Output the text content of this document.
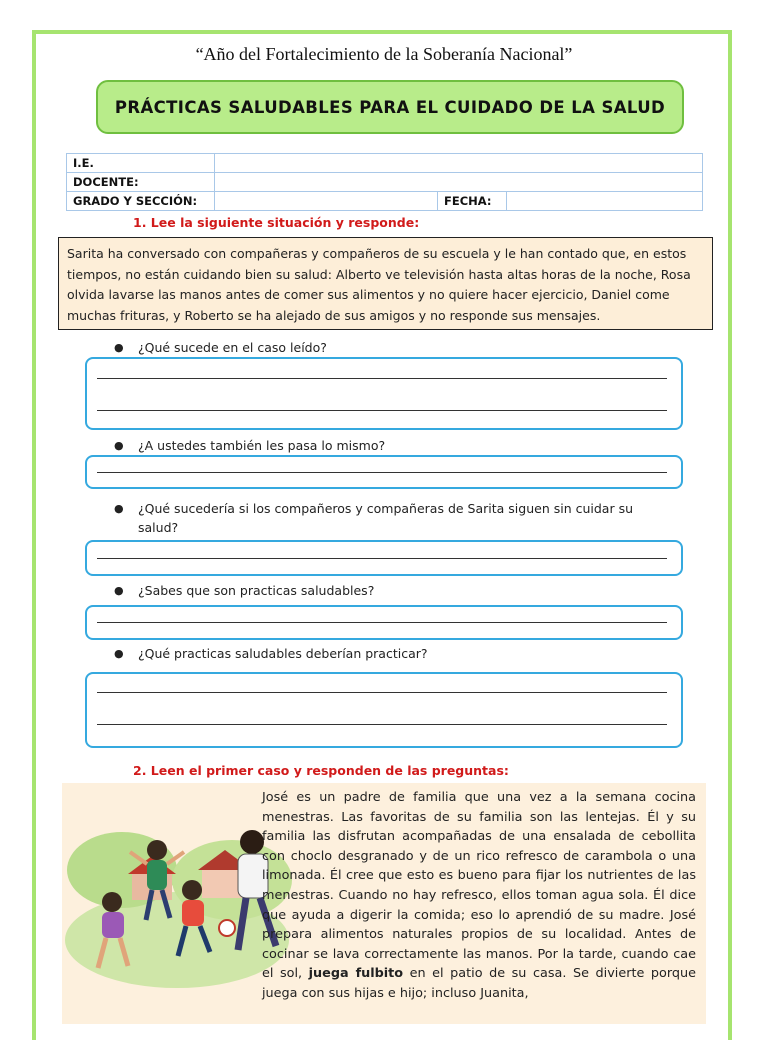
“Año del Fortalecimiento de la Soberanía Nacional”
PRÁCTICAS SALUDABLES PARA EL CUIDADO DE LA SALUD
I.E.			
DOCENTE:			
GRADO Y SECCIÓN:		FECHA:	
1. Lee la siguiente situación y responde:
Sarita ha conversado con compañeras y compañeros de su escuela y le han contado que, en estos tiempos, no están cuidando bien su salud: Alberto ve televisión hasta altas horas de la noche, Rosa olvida lavarse las manos antes de comer sus alimentos y no quiere hacer ejercicio, Daniel come muchas frituras, y Roberto se ha alejado de sus amigos y no responde sus mensajes.
●	¿Qué sucede en el caso leído?
●	¿A ustedes también les pasa lo mismo?
●	¿Qué sucedería si los compañeros y compañeras de Sarita siguen sin cuidar su salud?
●	¿Sabes que son practicas saludables?
●	¿Qué practicas saludables deberían practicar?
2. Leen el primer caso y responden de las preguntas:
José es un padre de familia que una vez a la semana cocina menestras. Las favoritas de su familia son las lentejas. Él y su familia las disfrutan acompañadas de una ensalada de cebollita con choclo desgranado y de un rico refresco de carambola o una limonada. Él cree que esto es bueno para fijar los nutrientes de las menestras. Cuando no hay refresco, ellos toman agua sola. Él dice que ayuda a digerir la comida; eso lo aprendió de su madre. José prepara alimentos naturales propios de su localidad. Antes de cocinar se lava correctamente las manos. Por la tarde, cuando cae el sol, juega fulbito en el patio de su casa. Se divierte porque juega con sus hijas e hijo; incluso Juanita,
